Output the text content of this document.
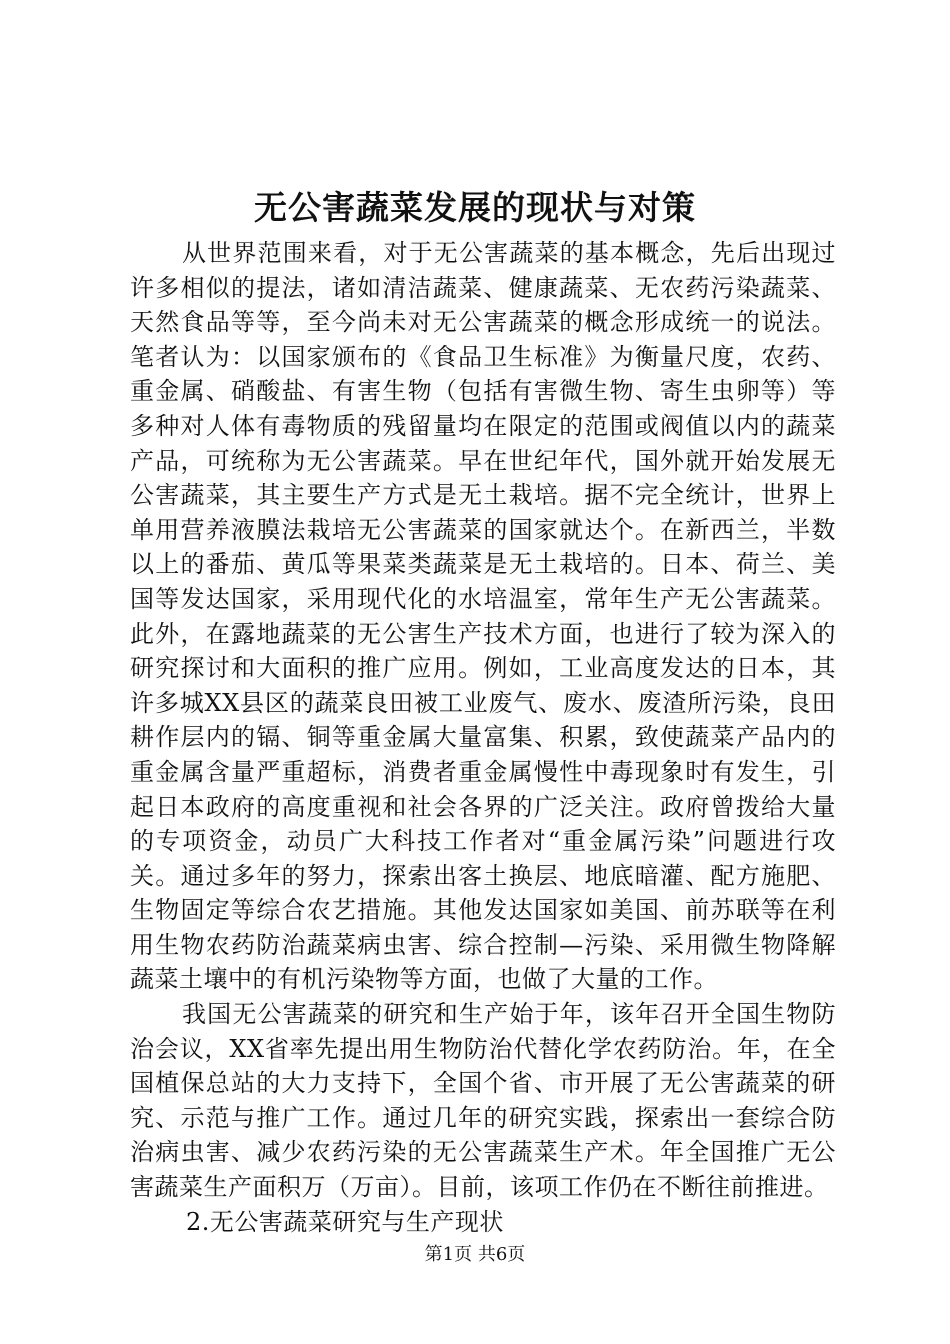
无公害蔬菜发展的现状与对策

从世界范围来看，对于无公害蔬菜的基本概念，先后出现过许多相似的提法，诸如清洁蔬菜、健康蔬菜、无农药污染蔬菜、天然食品等等，至今尚未对无公害蔬菜的概念形成统一的说法。笔者认为：以国家颁布的《食品卫生标准》为衡量尺度，农药、重金属、硝酸盐、有害生物（包括有害微生物、寄生虫卵等）等多种对人体有毒物质的残留量均在限定的范围或阀值以内的蔬菜产品，可统称为无公害蔬菜。早在世纪年代，国外就开始发展无公害蔬菜，其主要生产方式是无土栽培。据不完全统计，世界上单用营养液膜法栽培无公害蔬菜的国家就达个。在新西兰，半数以上的番茄、黄瓜等果菜类蔬菜是无土栽培的。日本、荷兰、美国等发达国家，采用现代化的水培温室，常年生产无公害蔬菜。此外，在露地蔬菜的无公害生产技术方面，也进行了较为深入的研究探讨和大面积的推广应用。例如，工业高度发达的日本，其许多城XX县区的蔬菜良田被工业废气、废水、废渣所污染，良田耕作层内的镉、铜等重金属大量富集、积累，致使蔬菜产品内的重金属含量严重超标，消费者重金属慢性中毒现象时有发生，引起日本政府的高度重视和社会各界的广泛关注。政府曾拨给大量的专项资金，动员广大科技工作者对“重金属污染”问题进行攻关。通过多年的努力，探索出客土换层、地底暗灌、配方施肥、生物固定等综合农艺措施。其他发达国家如美国、前苏联等在利用生物农药防治蔬菜病虫害、综合控制—污染、采用微生物降解蔬菜土壤中的有机污染物等方面，也做了大量的工作。

我国无公害蔬菜的研究和生产始于年，该年召开全国生物防治会议，XX省率先提出用生物防治代替化学农药防治。年，在全国植保总站的大力支持下，全国个省、市开展了无公害蔬菜的研究、示范与推广工作。通过几年的研究实践，探索出一套综合防治病虫害、减少农药污染的无公害蔬菜生产术。年全国推广无公害蔬菜生产面积万（万亩）。目前，该项工作仍在不断往前推进。

2.无公害蔬菜研究与生产现状

第1页 共6页
